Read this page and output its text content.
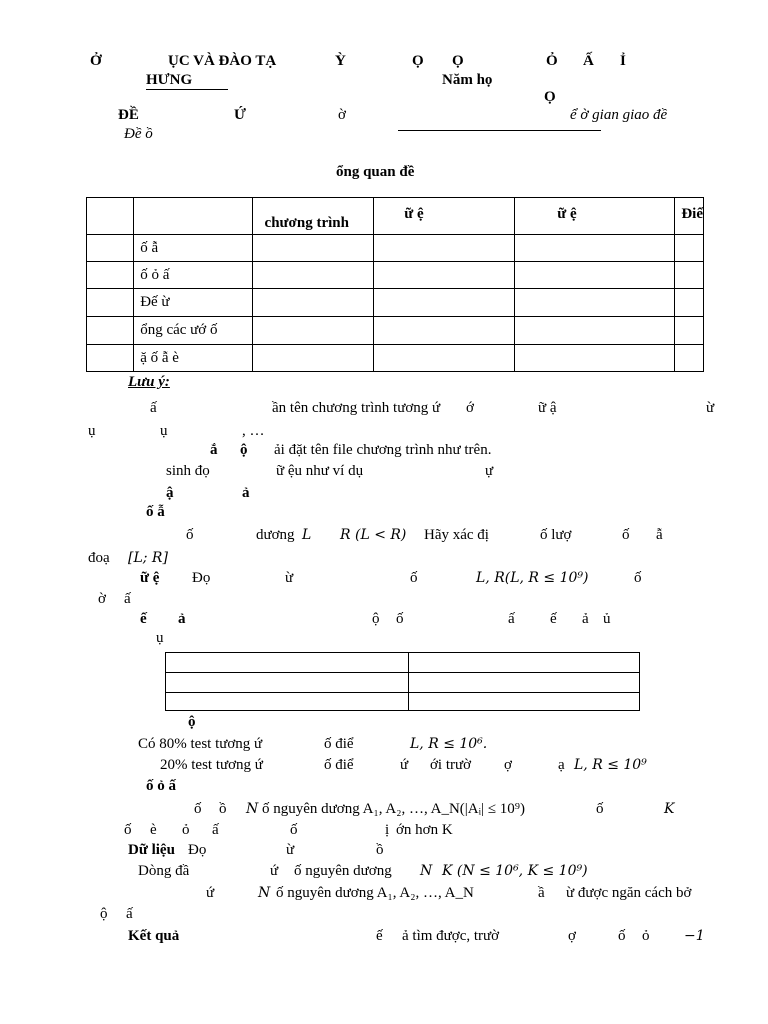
Ở	ỤC VÀ ĐÀO TẠ	Ỳ	Ọ Ọ	Ỏ Ấ Ỉ
HƯNG	Năm họ
Ọ
ĐỀ	Ứ	ờ	ể ờ gian giao đề
Đề ồ
ổng quan đề
		chương trình	ữ ệ	ữ ệ	Điể
	ố ẫ				
	ố ỏ ấ				
	Đế ừ				
	ổng các ướ ố				
	ặ ố ẫ è				
Lưu ý:
ấ	ần tên chương trình tương ứ ớ	ữ ậ	ừ
ụ	ụ	, …
ắ ộ ải đặt tên file chương trình như trên.
sinh đọ	ữ ệu như ví dụ	ự
ậ	ả
ố ẫ
ố	dương L R (L < R) Hãy xác đị	ố lượ	ố ẫ
đoạ [L; R]
ữ ệ Đọ	ừ	ố	L, R(L, R ≤ 10⁹)	ố
ờ ấ
ế ả	ộ ố	ấ ế ả ủ
ụ

ộ
Có 80% test tương ứ	ố điể	L, R ≤ 10⁶.
20% test tương ứ	ố điể	ứ ới trườ ợ	ạ L, R ≤ 10⁹
ố ỏ ấ
ố ồ N ố nguyên dương A₁, A₂, …, A_N(|Aᵢ| ≤ 10⁹)	ố	K
ố è ỏ ấ	ố	ị ớn hơn K
Dữ liệu Đọ	ừ	ồ
Dòng đầ	ứ ố nguyên dương N K (N ≤ 10⁶, K ≤ 10⁹)
ứ	N ố nguyên dương A₁, A₂, …, A_N	ầ ừ được ngăn cách bở
ộ ấ
Kết quả	ế ả tìm được, trườ	ợ	ố ỏ −1
